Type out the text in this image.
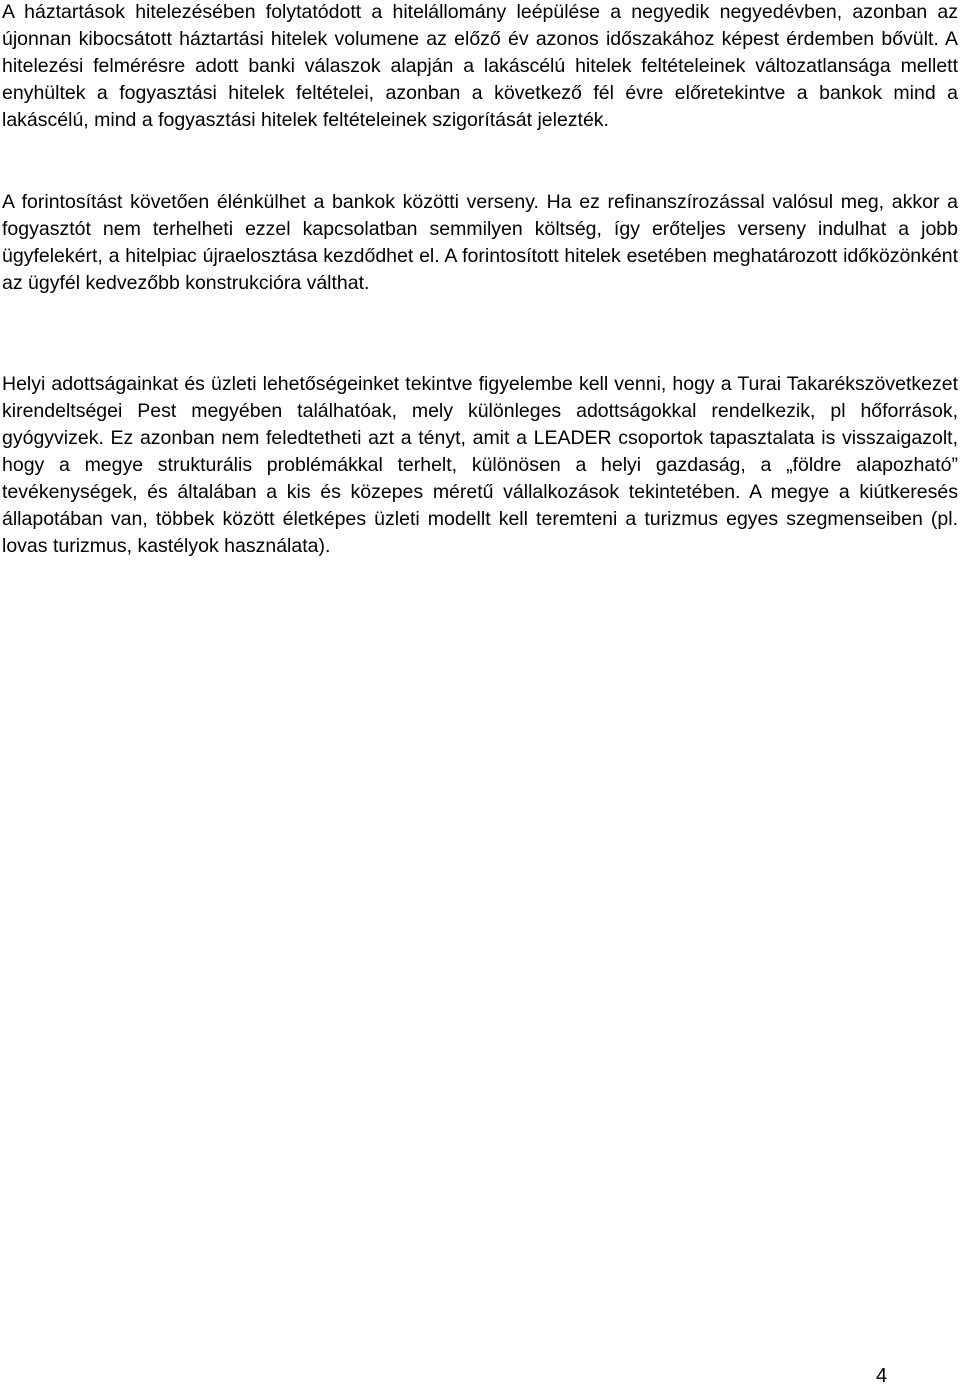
A háztartások hitelezésében folytatódott a hitelállomány leépülése a negyedik negyedévben, azonban az újonnan kibocsátott háztartási hitelek volumene az előző év azonos időszakához képest érdemben bővült. A hitelezési felmérésre adott banki válaszok alapján a lakáscélú hitelek feltételeinek változatlansága mellett enyhültek a fogyasztási hitelek feltételei, azonban a következő fél évre előretekintve a bankok mind a lakáscélú, mind a fogyasztási hitelek feltételeinek szigorítását jelezték.

A forintosítást követően élénkülhet a bankok közötti verseny. Ha ez refinanszírozással valósul meg, akkor a fogyasztót nem terhelheti ezzel kapcsolatban semmilyen költség, így erőteljes verseny indulhat a jobb ügyfelekért, a hitelpiac újraelosztása kezdődhet el. A forintosított hitelek esetében meghatározott időközönként az ügyfél kedvezőbb konstrukcióra válthat.

Helyi adottságainkat és üzleti lehetőségeinket tekintve figyelembe kell venni, hogy a Turai Takarékszövetkezet kirendeltségei Pest megyében találhatóak, mely különleges adottságokkal rendelkezik, pl hőforrások, gyógyvizek. Ez azonban nem feledtetheti azt a tényt, amit a LEADER csoportok tapasztalata is visszaigazolt, hogy a megye strukturális problémákkal terhelt, különösen a helyi gazdaság, a „földre alapozható” tevékenységek, és általában a kis és közepes méretű vállalkozások tekintetében. A megye a kiútkeresés állapotában van, többek között életképes üzleti modellt kell teremteni a turizmus egyes szegmenseiben (pl. lovas turizmus, kastélyok használata).

4
